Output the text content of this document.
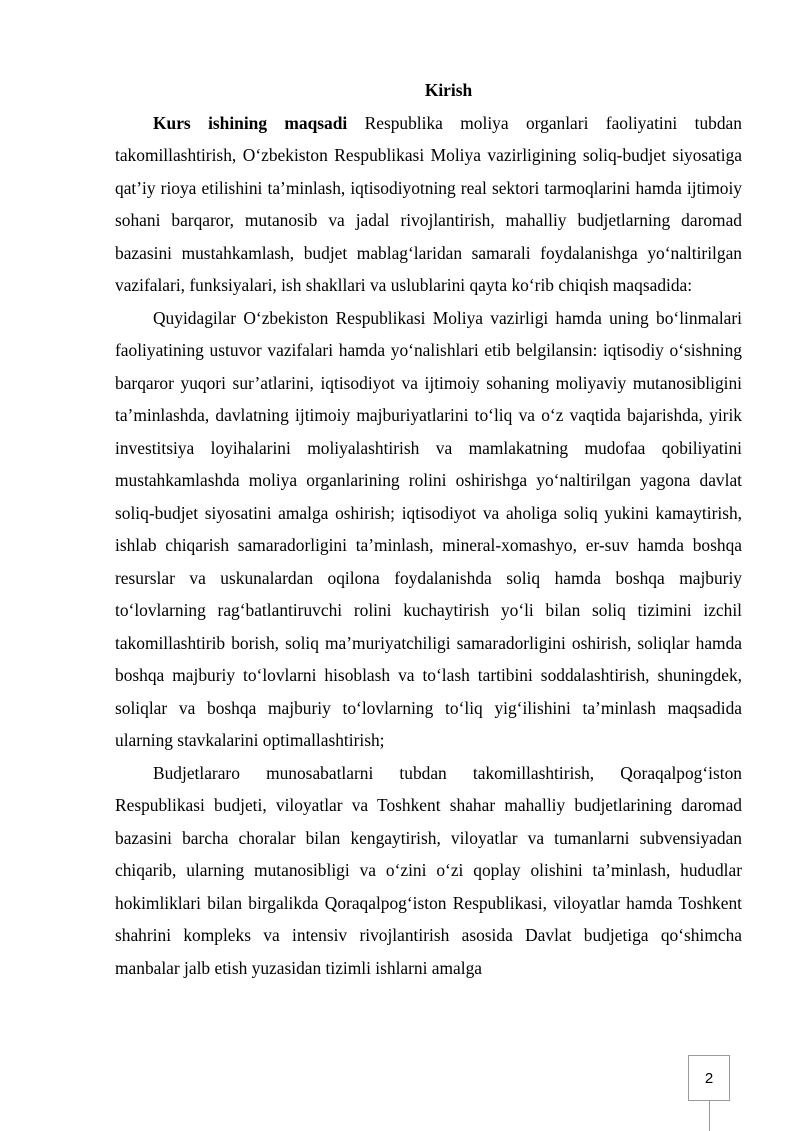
Kirish

Kurs ishining maqsadi Respublika moliya organlari faoliyatini tubdan takomillashtirish, O‘zbekiston Respublikasi Moliya vazirligining soliq-budjet siyosatiga qat’iy rioya etilishini ta’minlash, iqtisodiyotning real sektori tarmoqlarini hamda ijtimoiy sohani barqaror, mutanosib va jadal rivojlantirish, mahalliy budjetlarning daromad bazasini mustahkamlash, budjet mablag‘laridan samarali foydalanishga yo‘naltirilgan vazifalari, funksiyalari, ish shakllari va uslublarini qayta ko‘rib chiqish maqsadida:

Quyidagilar O‘zbekiston Respublikasi Moliya vazirligi hamda uning bo‘linmalari faoliyatining ustuvor vazifalari hamda yo‘nalishlari etib belgilansin: iqtisodiy o‘sishning barqaror yuqori sur’atlarini, iqtisodiyot va ijtimoiy sohaning moliyaviy mutanosibligini ta’minlashda, davlatning ijtimoiy majburiyatlarini to‘liq va o‘z vaqtida bajarishda, yirik investitsiya loyihalarini moliyalashtirish va mamlakatning mudofaa qobiliyatini mustahkamlashda moliya organlarining rolini oshirishga yo‘naltirilgan yagona davlat soliq-budjet siyosatini amalga oshirish; iqtisodiyot va aholiga soliq yukini kamaytirish, ishlab chiqarish samaradorligini ta’minlash, mineral-xomashyo, er-suv hamda boshqa resurslar va uskunalardan oqilona foydalanishda soliq hamda boshqa majburiy to‘lovlarning rag‘batlantiruvchi rolini kuchaytirish yo‘li bilan soliq tizimini izchil takomillashtirib borish, soliq ma’muriyatchiligi samaradorligini oshirish, soliqlar hamda boshqa majburiy to‘lovlarni hisoblash va to‘lash tartibini soddalashtirish, shuningdek, soliqlar va boshqa majburiy to‘lovlarning to‘liq yig‘ilishini ta’minlash maqsadida ularning stavkalarini optimallashtirish;

Budjetlararo munosabatlarni tubdan takomillashtirish, Qoraqalpog‘iston Respublikasi budjeti, viloyatlar va Toshkent shahar mahalliy budjetlarining daromad bazasini barcha choralar bilan kengaytirish, viloyatlar va tumanlarni subvensiyadan chiqarib, ularning mutanosibligi va o‘zini o‘zi qoplay olishini ta’minlash, hududlar hokimliklari bilan birgalikda Qoraqalpog‘iston Respublikasi, viloyatlar hamda Toshkent shahrini kompleks va intensiv rivojlantirish asosida Davlat budjetiga qo‘shimcha manbalar jalb etish yuzasidan tizimli ishlarni amalga

2
